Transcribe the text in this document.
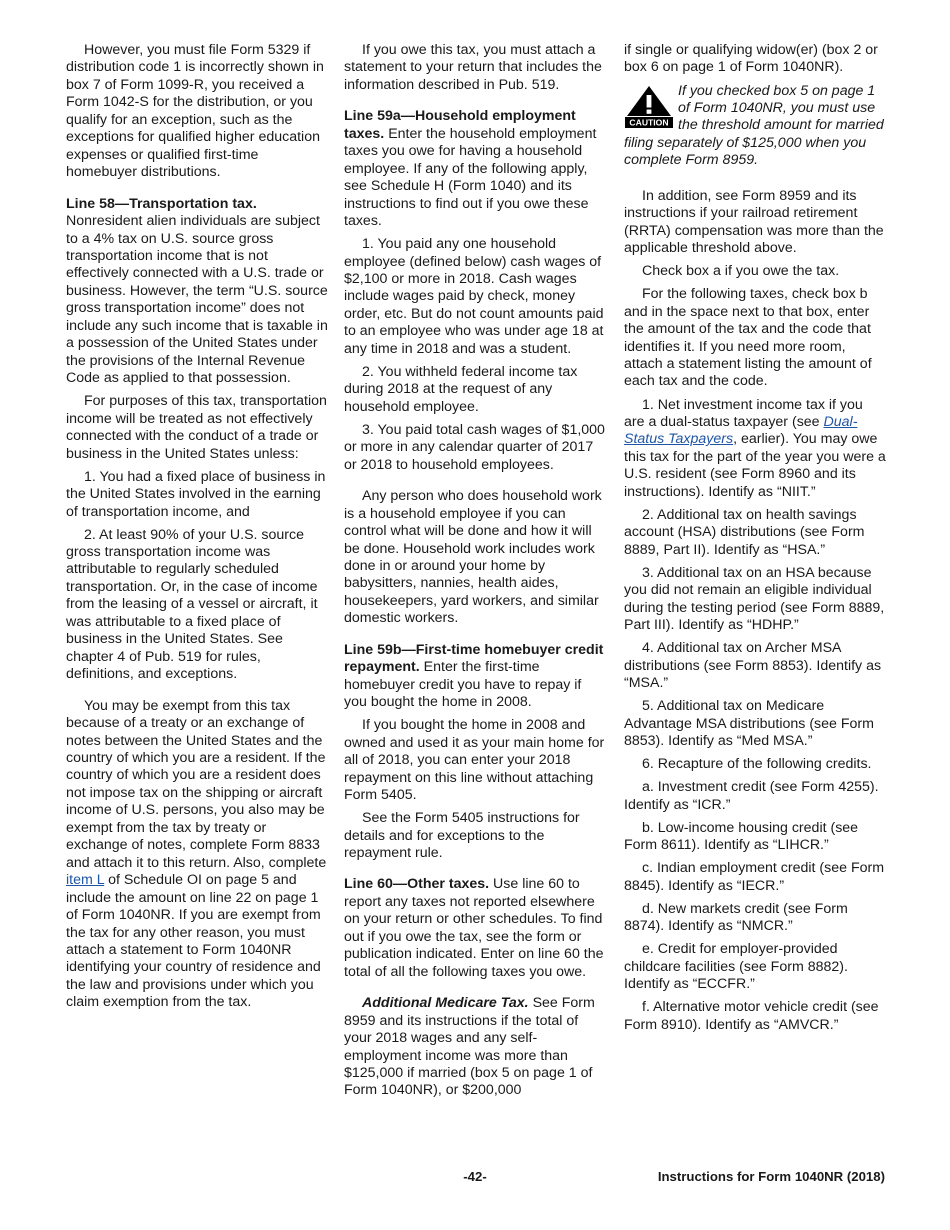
However, you must file Form 5329 if distribution code 1 is incorrectly shown in box 7 of Form 1099-R, you received a Form 1042-S for the distribution, or you qualify for an exception, such as the exceptions for qualified higher education expenses or qualified first-time homebuyer distributions.

Line 58—Transportation tax. Nonresident alien individuals are subject to a 4% tax on U.S. source gross transportation income that is not effectively connected with a U.S. trade or business. However, the term “U.S. source gross transportation income” does not include any such income that is taxable in a possession of the United States under the provisions of the Internal Revenue Code as applied to that possession.

For purposes of this tax, transportation income will be treated as not effectively connected with the conduct of a trade or business in the United States unless:

1. You had a fixed place of business in the United States involved in the earning of transportation income, and

2. At least 90% of your U.S. source gross transportation income was attributable to regularly scheduled transportation. Or, in the case of income from the leasing of a vessel or aircraft, it was attributable to a fixed place of business in the United States. See chapter 4 of Pub. 519 for rules, definitions, and exceptions.

You may be exempt from this tax because of a treaty or an exchange of notes between the United States and the country of which you are a resident. If the country of which you are a resident does not impose tax on the shipping or aircraft income of U.S. persons, you also may be exempt from the tax by treaty or exchange of notes, complete Form 8833 and attach it to this return. Also, complete item L of Schedule OI on page 5 and include the amount on line 22 on page 1 of Form 1040NR. If you are exempt from the tax for any other reason, you must attach a statement to Form 1040NR identifying your country of residence and the law and provisions under which you claim exemption from the tax.

If you owe this tax, you must attach a statement to your return that includes the information described in Pub. 519.

Line 59a—Household employment taxes. Enter the household employment taxes you owe for having a household employee. If any of the following apply, see Schedule H (Form 1040) and its instructions to find out if you owe these taxes.

1. You paid any one household employee (defined below) cash wages of $2,100 or more in 2018. Cash wages include wages paid by check, money order, etc. But do not count amounts paid to an employee who was under age 18 at any time in 2018 and was a student.

2. You withheld federal income tax during 2018 at the request of any household employee.

3. You paid total cash wages of $1,000 or more in any calendar quarter of 2017 or 2018 to household employees.

Any person who does household work is a household employee if you can control what will be done and how it will be done. Household work includes work done in or around your home by babysitters, nannies, health aides, housekeepers, yard workers, and similar domestic workers.

Line 59b—First-time homebuyer credit repayment. Enter the first-time homebuyer credit you have to repay if you bought the home in 2008.

If you bought the home in 2008 and owned and used it as your main home for all of 2018, you can enter your 2018 repayment on this line without attaching Form 5405.

See the Form 5405 instructions for details and for exceptions to the repayment rule.

Line 60—Other taxes. Use line 60 to report any taxes not reported elsewhere on your return or other schedules. To find out if you owe the tax, see the form or publication indicated. Enter on line 60 the total of all the following taxes you owe.

Additional Medicare Tax. See Form 8959 and its instructions if the total of your 2018 wages and any self-employment income was more than $125,000 if married (box 5 on page 1 of Form 1040NR), or $200,000

if single or qualifying widow(er) (box 2 or box 6 on page 1 of Form 1040NR).

CAUTION
If you checked box 5 on page 1 of Form 1040NR, you must use the threshold amount for married filing separately of $125,000 when you complete Form 8959.

In addition, see Form 8959 and its instructions if your railroad retirement (RRTA) compensation was more than the applicable threshold above.

Check box a if you owe the tax.

For the following taxes, check box b and in the space next to that box, enter the amount of the tax and the code that identifies it. If you need more room, attach a statement listing the amount of each tax and the code.

1. Net investment income tax if you are a dual-status taxpayer (see Dual-Status Taxpayers, earlier). You may owe this tax for the part of the year you were a U.S. resident (see Form 8960 and its instructions). Identify as “NIIT.”

2. Additional tax on health savings account (HSA) distributions (see Form 8889, Part II). Identify as “HSA.”

3. Additional tax on an HSA because you did not remain an eligible individual during the testing period (see Form 8889, Part III). Identify as “HDHP.”

4. Additional tax on Archer MSA distributions (see Form 8853). Identify as “MSA.”

5. Additional tax on Medicare Advantage MSA distributions (see Form 8853). Identify as “Med MSA.”

6. Recapture of the following credits.

a. Investment credit (see Form 4255). Identify as “ICR.”

b. Low-income housing credit (see Form 8611). Identify as “LIHCR.”

c. Indian employment credit (see Form 8845). Identify as “IECR.”

d. New markets credit (see Form 8874). Identify as “NMCR.”

e. Credit for employer-provided childcare facilities (see Form 8882). Identify as “ECCFR.”

f. Alternative motor vehicle credit (see Form 8910). Identify as “AMVCR.”

-42-	Instructions for Form 1040NR (2018)
